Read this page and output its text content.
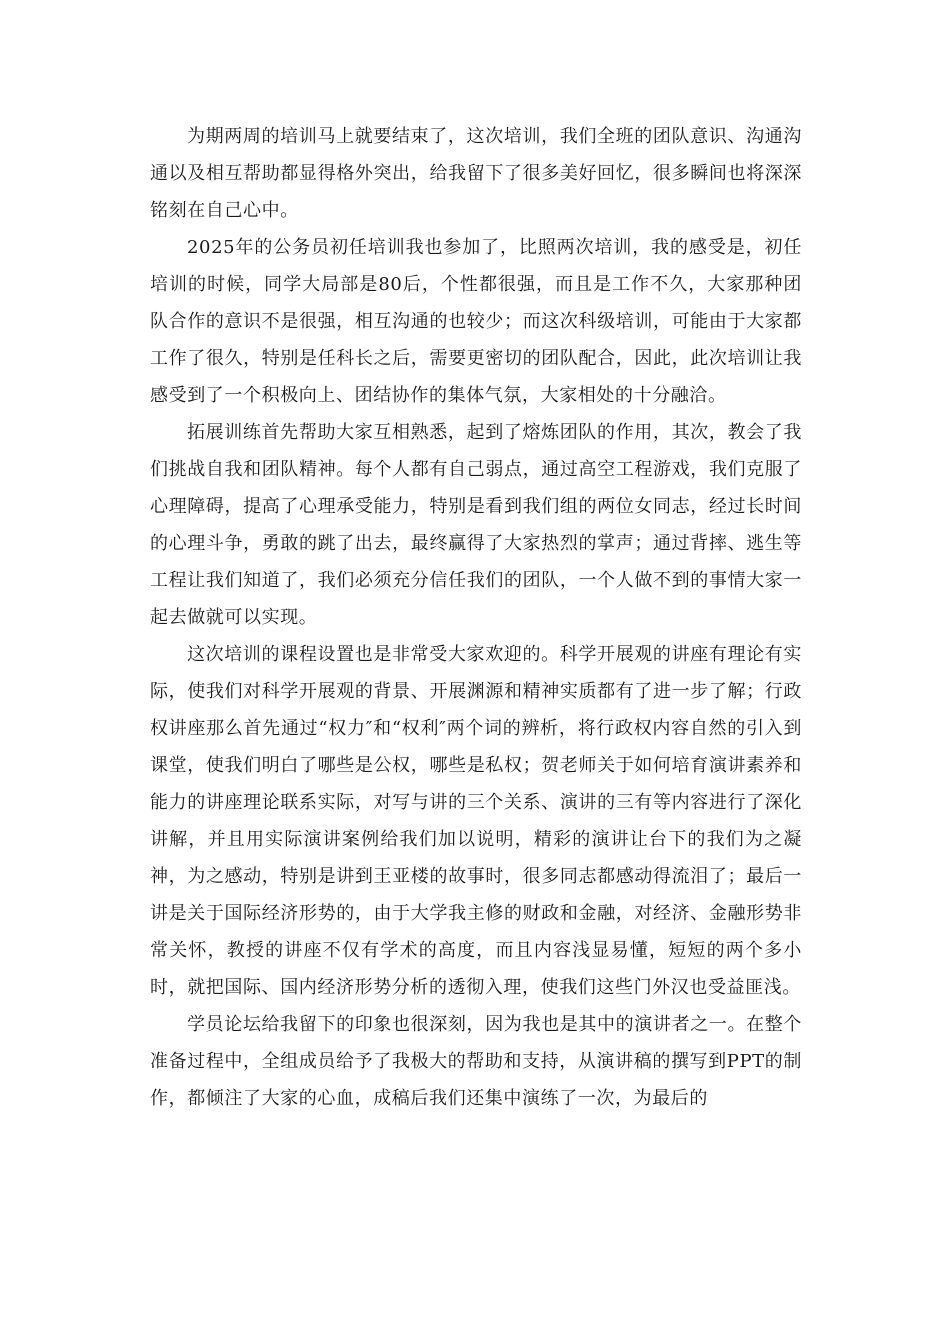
为期两周的培训马上就要结束了，这次培训，我们全班的团队意识、沟通沟通以及相互帮助都显得格外突出，给我留下了很多美好回忆，很多瞬间也将深深铭刻在自己心中。

2025年的公务员初任培训我也参加了，比照两次培训，我的感受是，初任培训的时候，同学大局部是80后，个性都很强，而且是工作不久，大家那种团队合作的意识不是很强，相互沟通的也较少；而这次科级培训，可能由于大家都工作了很久，特别是任科长之后，需要更密切的团队配合，因此，此次培训让我感受到了一个积极向上、团结协作的集体气氛，大家相处的十分融洽。

拓展训练首先帮助大家互相熟悉，起到了熔炼团队的作用，其次，教会了我们挑战自我和团队精神。每个人都有自己弱点，通过高空工程游戏，我们克服了心理障碍，提高了心理承受能力，特别是看到我们组的两位女同志，经过长时间的心理斗争，勇敢的跳了出去，最终赢得了大家热烈的掌声；通过背摔、逃生等工程让我们知道了，我们必须充分信任我们的团队，一个人做不到的事情大家一起去做就可以实现。

这次培训的课程设置也是非常受大家欢迎的。科学开展观的讲座有理论有实际，使我们对科学开展观的背景、开展渊源和精神实质都有了进一步了解；行政权讲座那么首先通过“权力″和“权利″两个词的辨析，将行政权内容自然的引入到课堂，使我们明白了哪些是公权，哪些是私权；贺老师关于如何培育演讲素养和能力的讲座理论联系实际，对写与讲的三个关系、演讲的三有等内容进行了深化讲解，并且用实际演讲案例给我们加以说明，精彩的演讲让台下的我们为之凝神，为之感动，特别是讲到王亚楼的故事时，很多同志都感动得流泪了；最后一讲是关于国际经济形势的，由于大学我主修的财政和金融，对经济、金融形势非常关怀，教授的讲座不仅有学术的高度，而且内容浅显易懂，短短的两个多小时，就把国际、国内经济形势分析的透彻入理，使我们这些门外汉也受益匪浅。

学员论坛给我留下的印象也很深刻，因为我也是其中的演讲者之一。在整个准备过程中，全组成员给予了我极大的帮助和支持，从演讲稿的撰写到PPT的制作，都倾注了大家的心血，成稿后我们还集中演练了一次，为最后的
